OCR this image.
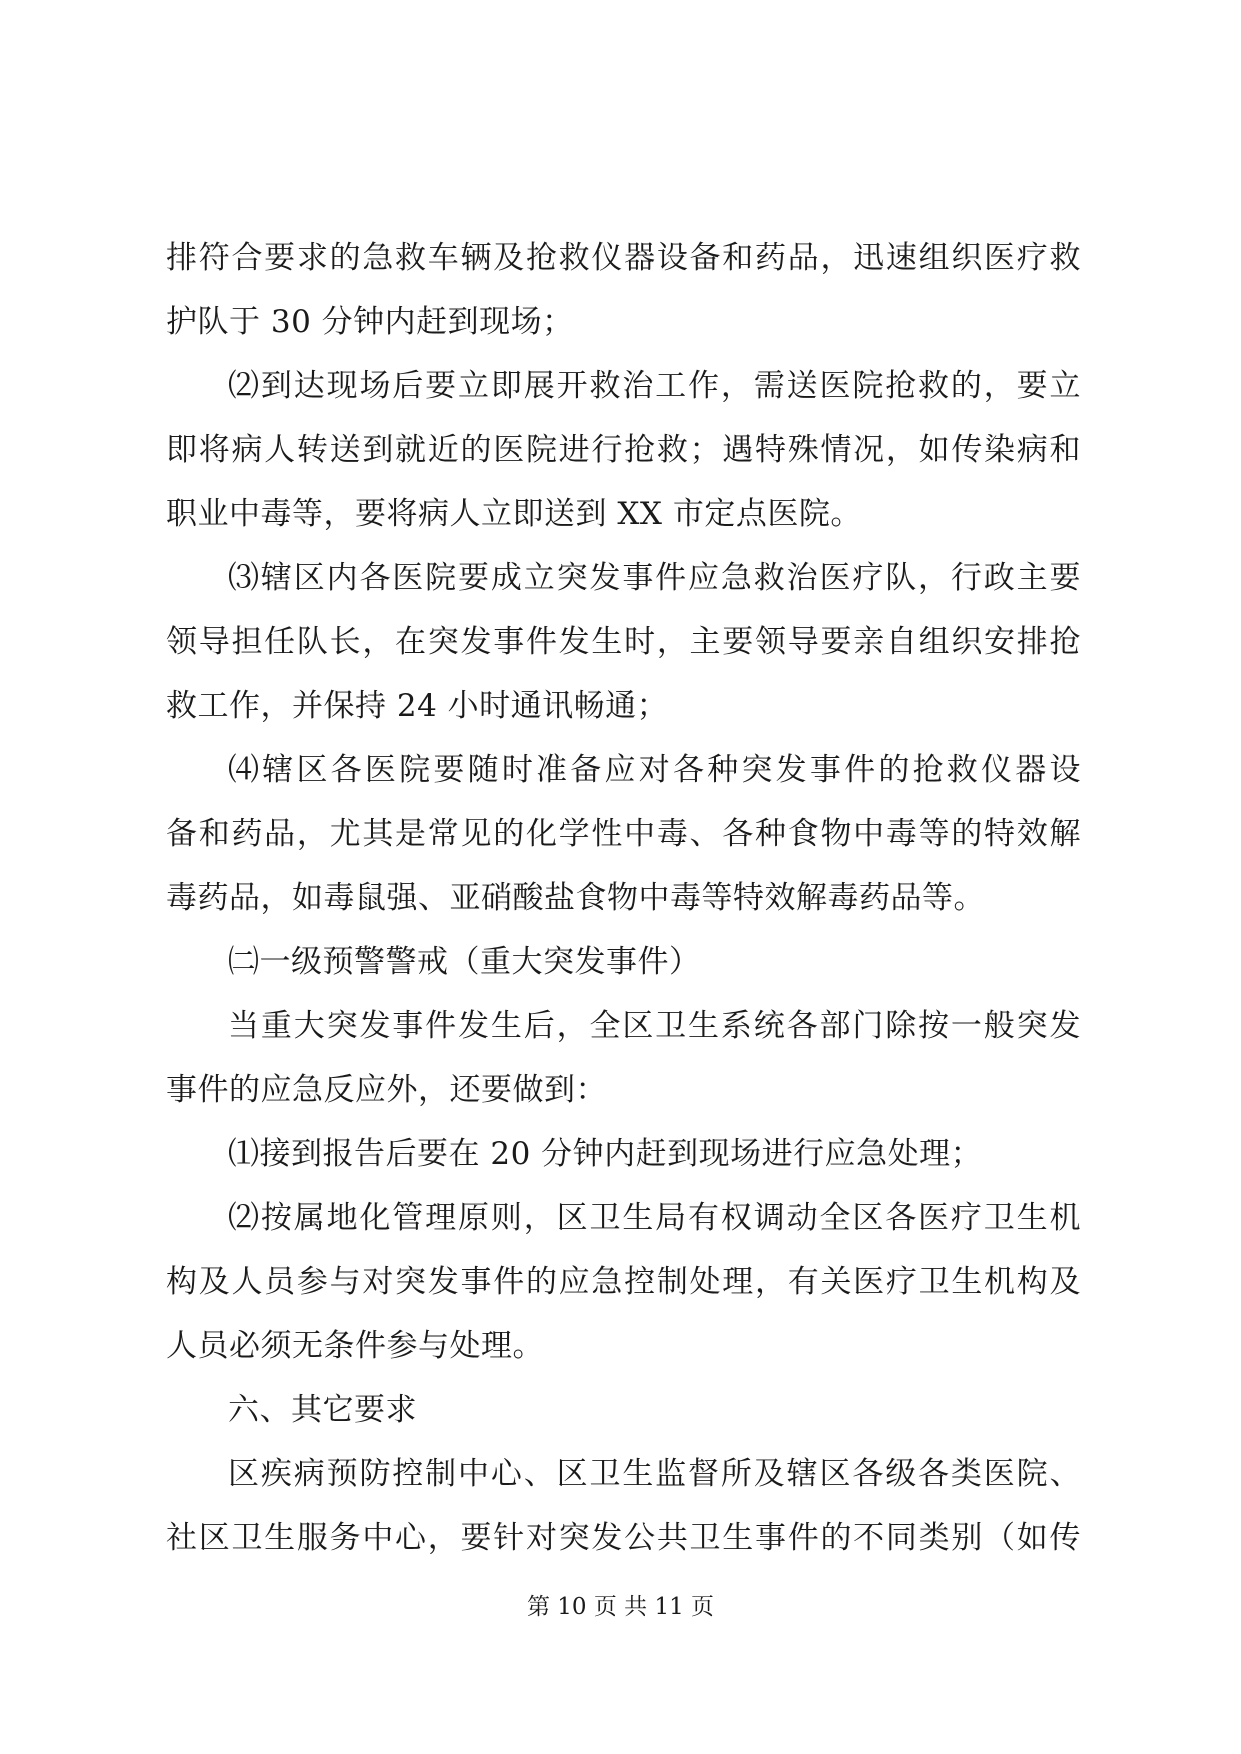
排符合要求的急救车辆及抢救仪器设备和药品，迅速组织医疗救
护队于 30 分钟内赶到现场；
⑵到达现场后要立即展开救治工作，需送医院抢救的，要立
即将病人转送到就近的医院进行抢救；遇特殊情况，如传染病和
职业中毒等，要将病人立即送到 XX 市定点医院。
⑶辖区内各医院要成立突发事件应急救治医疗队，行政主要
领导担任队长，在突发事件发生时，主要领导要亲自组织安排抢
救工作，并保持 24 小时通讯畅通；
⑷辖区各医院要随时准备应对各种突发事件的抢救仪器设
备和药品，尤其是常见的化学性中毒、各种食物中毒等的特效解
毒药品，如毒鼠强、亚硝酸盐食物中毒等特效解毒药品等。
㈡一级预警警戒（重大突发事件）
当重大突发事件发生后，全区卫生系统各部门除按一般突发
事件的应急反应外，还要做到：
⑴接到报告后要在 20 分钟内赶到现场进行应急处理；
⑵按属地化管理原则，区卫生局有权调动全区各医疗卫生机
构及人员参与对突发事件的应急控制处理，有关医疗卫生机构及
人员必须无条件参与处理。
六、其它要求
区疾病预防控制中心、区卫生监督所及辖区各级各类医院、
社区卫生服务中心，要针对突发公共卫生事件的不同类别（如传
第 10 页 共 11 页
